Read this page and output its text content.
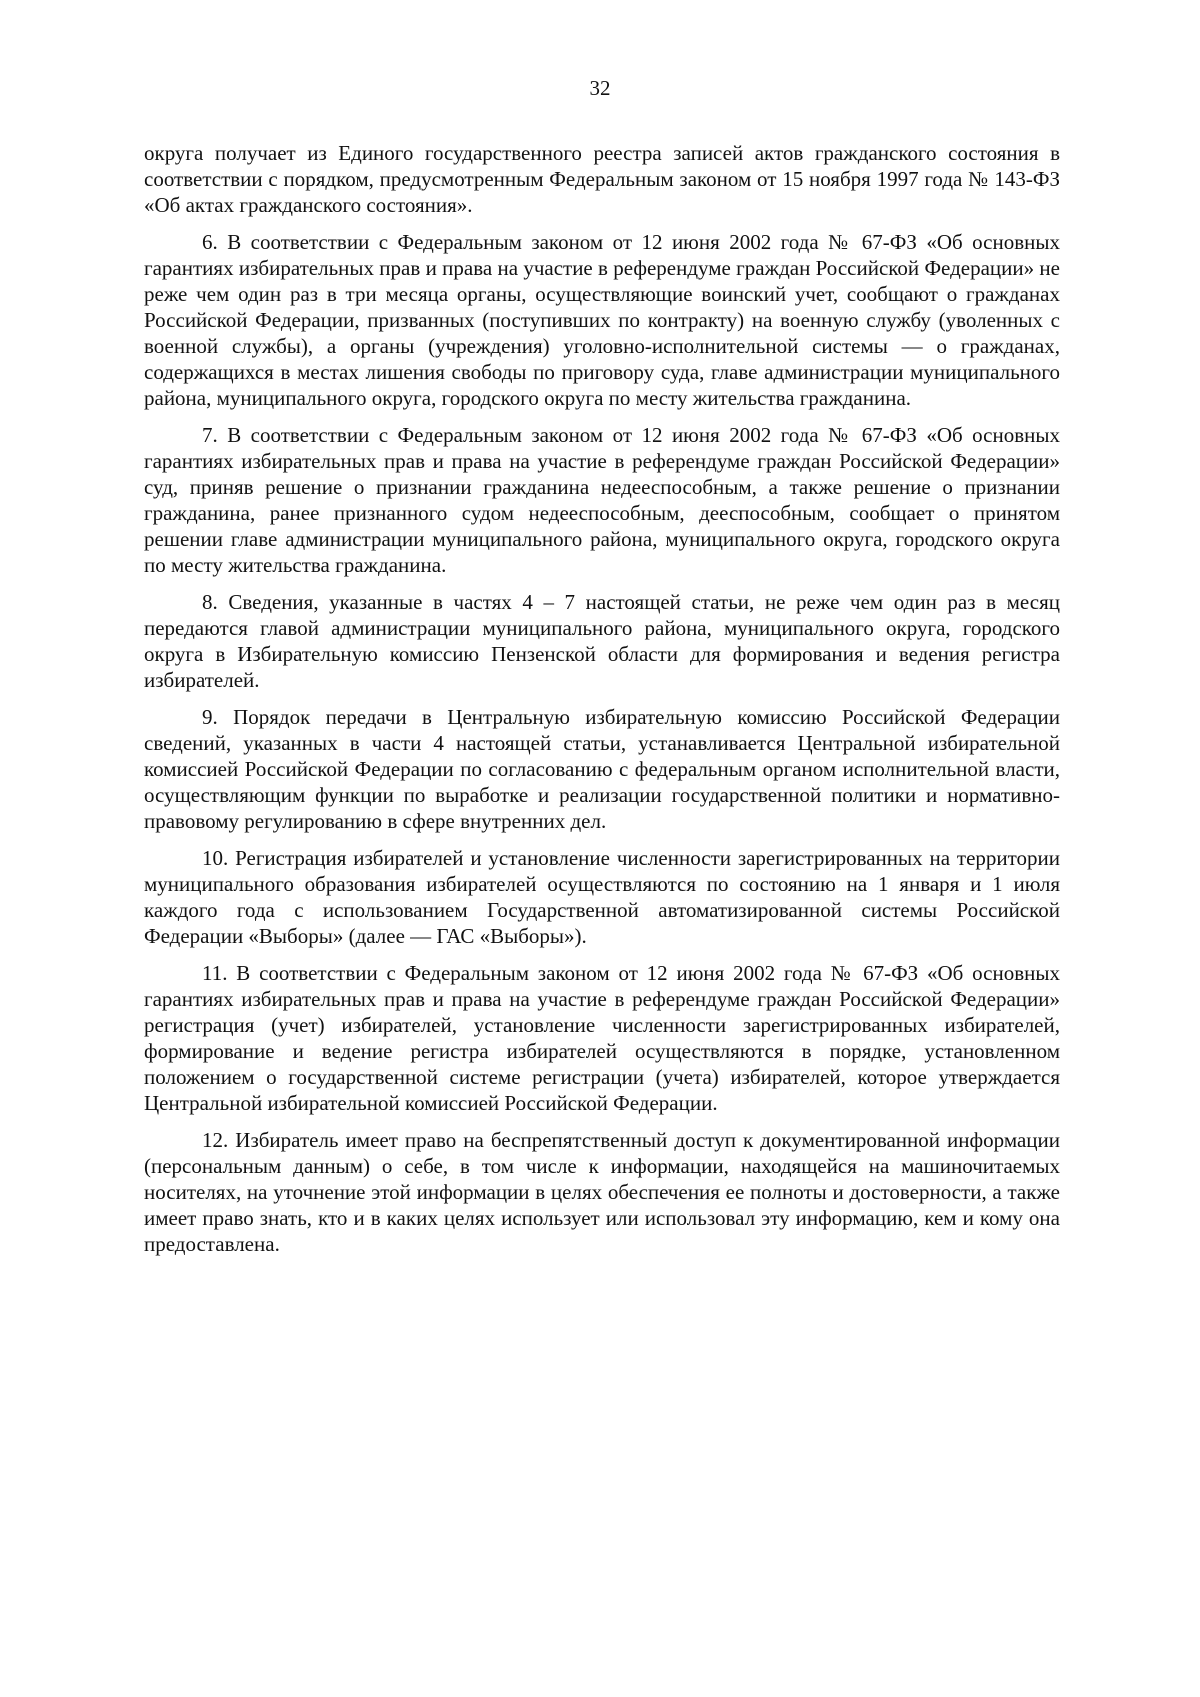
32

округа получает из Единого государственного реестра записей актов гражданского состояния в соответствии с порядком, предусмотренным Федеральным законом от 15 ноября 1997 года № 143-ФЗ «Об актах гражданского состояния».

6. В соответствии с Федеральным законом от 12 июня 2002 года № 67-ФЗ «Об основных гарантиях избирательных прав и права на участие в референдуме граждан Российской Федерации» не реже чем один раз в три месяца органы, осуществляющие воинский учет, сообщают о гражданах Российской Федерации, призванных (поступивших по контракту) на военную службу (уволенных с военной службы), а органы (учреждения) уголовно-исполнительной системы — о гражданах, содержащихся в местах лишения свободы по приговору суда, главе администрации муниципального района, муниципального округа, городского округа по месту жительства гражданина.

7. В соответствии с Федеральным законом от 12 июня 2002 года № 67-ФЗ «Об основных гарантиях избирательных прав и права на участие в референдуме граждан Российской Федерации» суд, приняв решение о признании гражданина недееспособным, а также решение о признании гражданина, ранее признанного судом недееспособным, дееспособным, сообщает о принятом решении главе администрации муниципального района, муниципального округа, городского округа по месту жительства гражданина.

8. Сведения, указанные в частях 4 – 7 настоящей статьи, не реже чем один раз в месяц передаются главой администрации муниципального района, муниципального округа, городского округа в Избирательную комиссию Пензенской области для формирования и ведения регистра избирателей.

9. Порядок передачи в Центральную избирательную комиссию Российской Федерации сведений, указанных в части 4 настоящей статьи, устанавливается Центральной избирательной комиссией Российской Федерации по согласованию с федеральным органом исполнительной власти, осуществляющим функции по выработке и реализации государственной политики и нормативно-правовому регулированию в сфере внутренних дел.

10. Регистрация избирателей и установление численности зарегистрированных на территории муниципального образования избирателей осуществляются по состоянию на 1 января и 1 июля каждого года с использованием Государственной автоматизированной системы Российской Федерации «Выборы» (далее — ГАС «Выборы»).

11. В соответствии с Федеральным законом от 12 июня 2002 года № 67-ФЗ «Об основных гарантиях избирательных прав и права на участие в референдуме граждан Российской Федерации» регистрация (учет) избирателей, установление численности зарегистрированных избирателей, формирование и ведение регистра избирателей осуществляются в порядке, установленном положением о государственной системе регистрации (учета) избирателей, которое утверждается Центральной избирательной комиссией Российской Федерации.

12. Избиратель имеет право на беспрепятственный доступ к документированной информации (персональным данным) о себе, в том числе к информации, находящейся на машиночитаемых носителях, на уточнение этой информации в целях обеспечения ее полноты и достоверности, а также имеет право знать, кто и в каких целях использует или использовал эту информацию, кем и кому она предоставлена.
